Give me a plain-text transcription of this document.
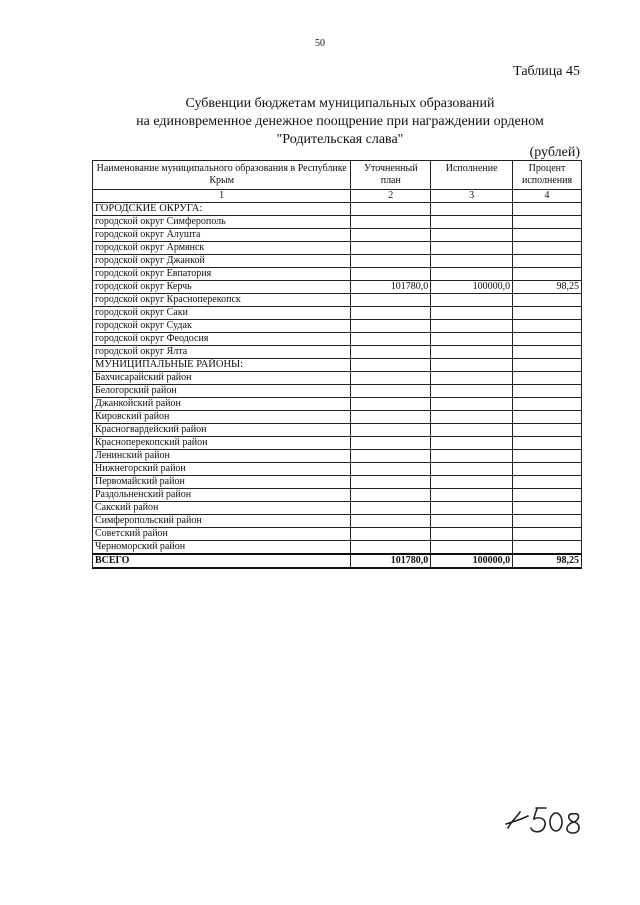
50
Таблица 45
Субвенции бюджетам муниципальных образований
на единовременное денежное поощрение при награждении орденом
"Родительская слава"
(рублей)
Наименование муниципального образования в Республике Крым	Уточненный план	Исполнение	Процент исполнения
1	2	3	4
ГОРОДСКИЕ ОКРУГА:			
городской округ Симферополь			
городской округ Алушта			
городской округ Армянск			
городской округ Джанкой			
городской округ Евпатория			
городской округ Керчь	101780,0	100000,0	98,25
городской округ Красноперекопск			
городской округ Саки			
городской округ Судак			
городской округ Феодосия			
городской округ Ялта			
МУНИЦИПАЛЬНЫЕ РАЙОНЫ:			
Бахчисарайский район			
Белогорский район			
Джанкойский район			
Кировский район			
Красногвардейский район			
Красноперекопский район			
Ленинский район			
Нижнегорский район			
Первомайский район			
Раздольненский район			
Сакский район			
Симферопольский район			
Советский район			
Черноморский район			
ВСЕГО	101780,0	100000,0	98,25
